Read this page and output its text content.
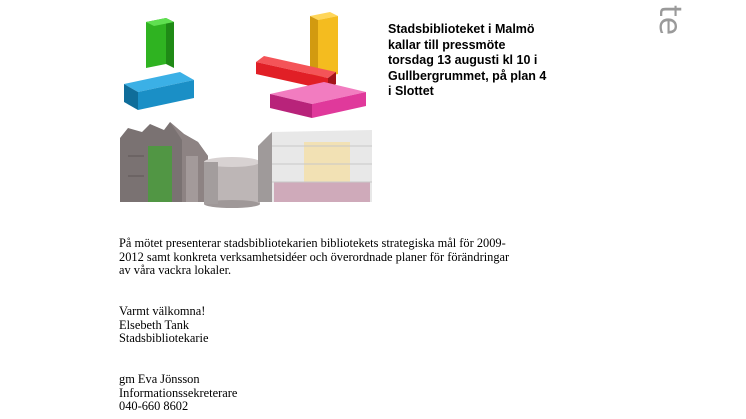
Stadsbiblioteket i Malmö
kallar till pressmöte
torsdag 13 augusti kl 10 i
Gullbergrummet, på plan 4
i Slottet
te
På mötet presenterar stadsbibliotekarien bibliotekets strategiska mål för 2009-
2012 samt konkreta verksamhetsidéer och överordnade planer för förändringar
av våra vackra lokaler.
Varmt välkomna!
Elsebeth Tank
Stadsbibliotekarie
gm Eva Jönsson
Informationssekreterare
040-660 8602
